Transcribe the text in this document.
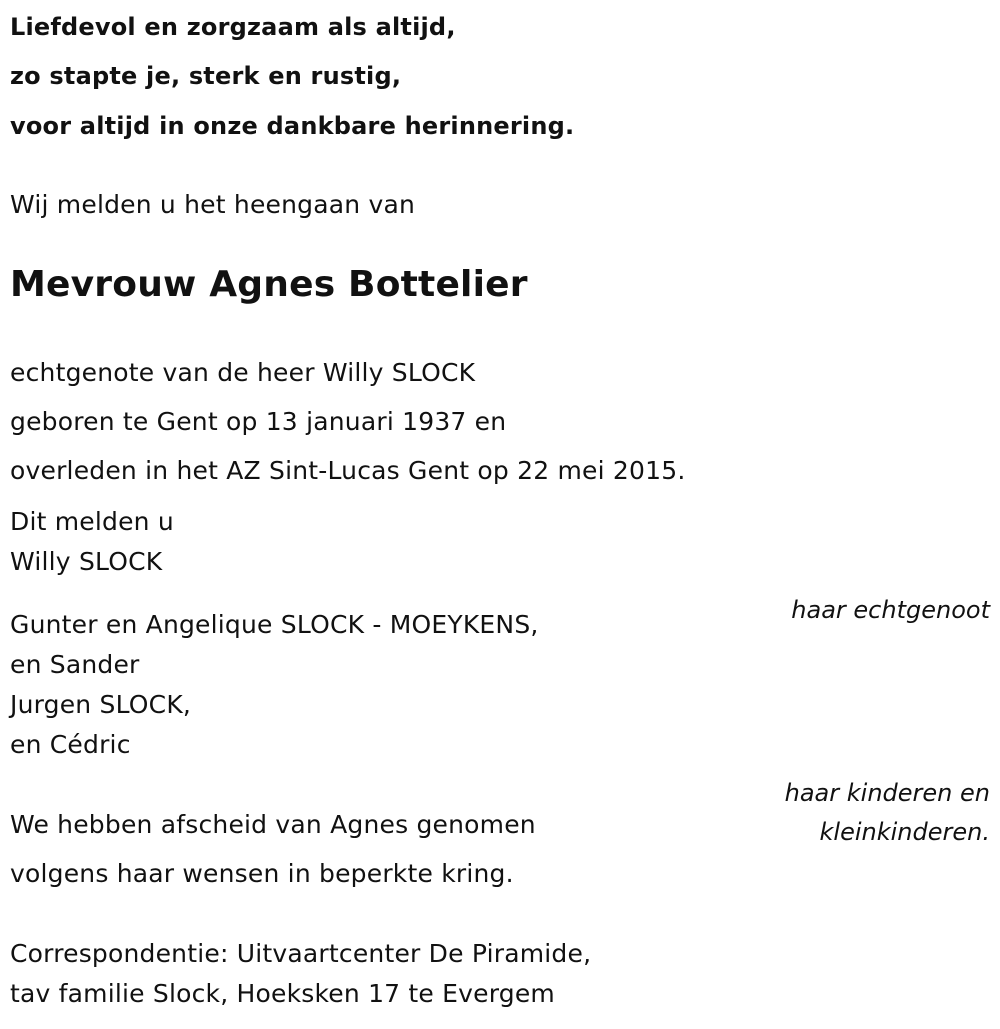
Liefdevol en zorgzaam als altijd,

zo stapte je, sterk en rustig,

voor altijd in onze dankbare herinnering.

Wij melden u het heengaan van

Mevrouw Agnes Bottelier

echtgenote van de heer Willy SLOCK

geboren te Gent op 13 januari 1937 en

overleden in het AZ Sint-Lucas Gent op 22 mei 2015.

Dit melden u

Willy SLOCK

haar echtgenoot

Gunter en Angelique SLOCK - MOEYKENS,

en Sander

Jurgen SLOCK,

en Cédric

haar kinderen en

kleinkinderen.

We hebben afscheid van Agnes genomen

volgens haar wensen in beperkte kring.

Correspondentie: Uitvaartcenter De Piramide,

tav familie Slock, Hoeksken 17 te Evergem
